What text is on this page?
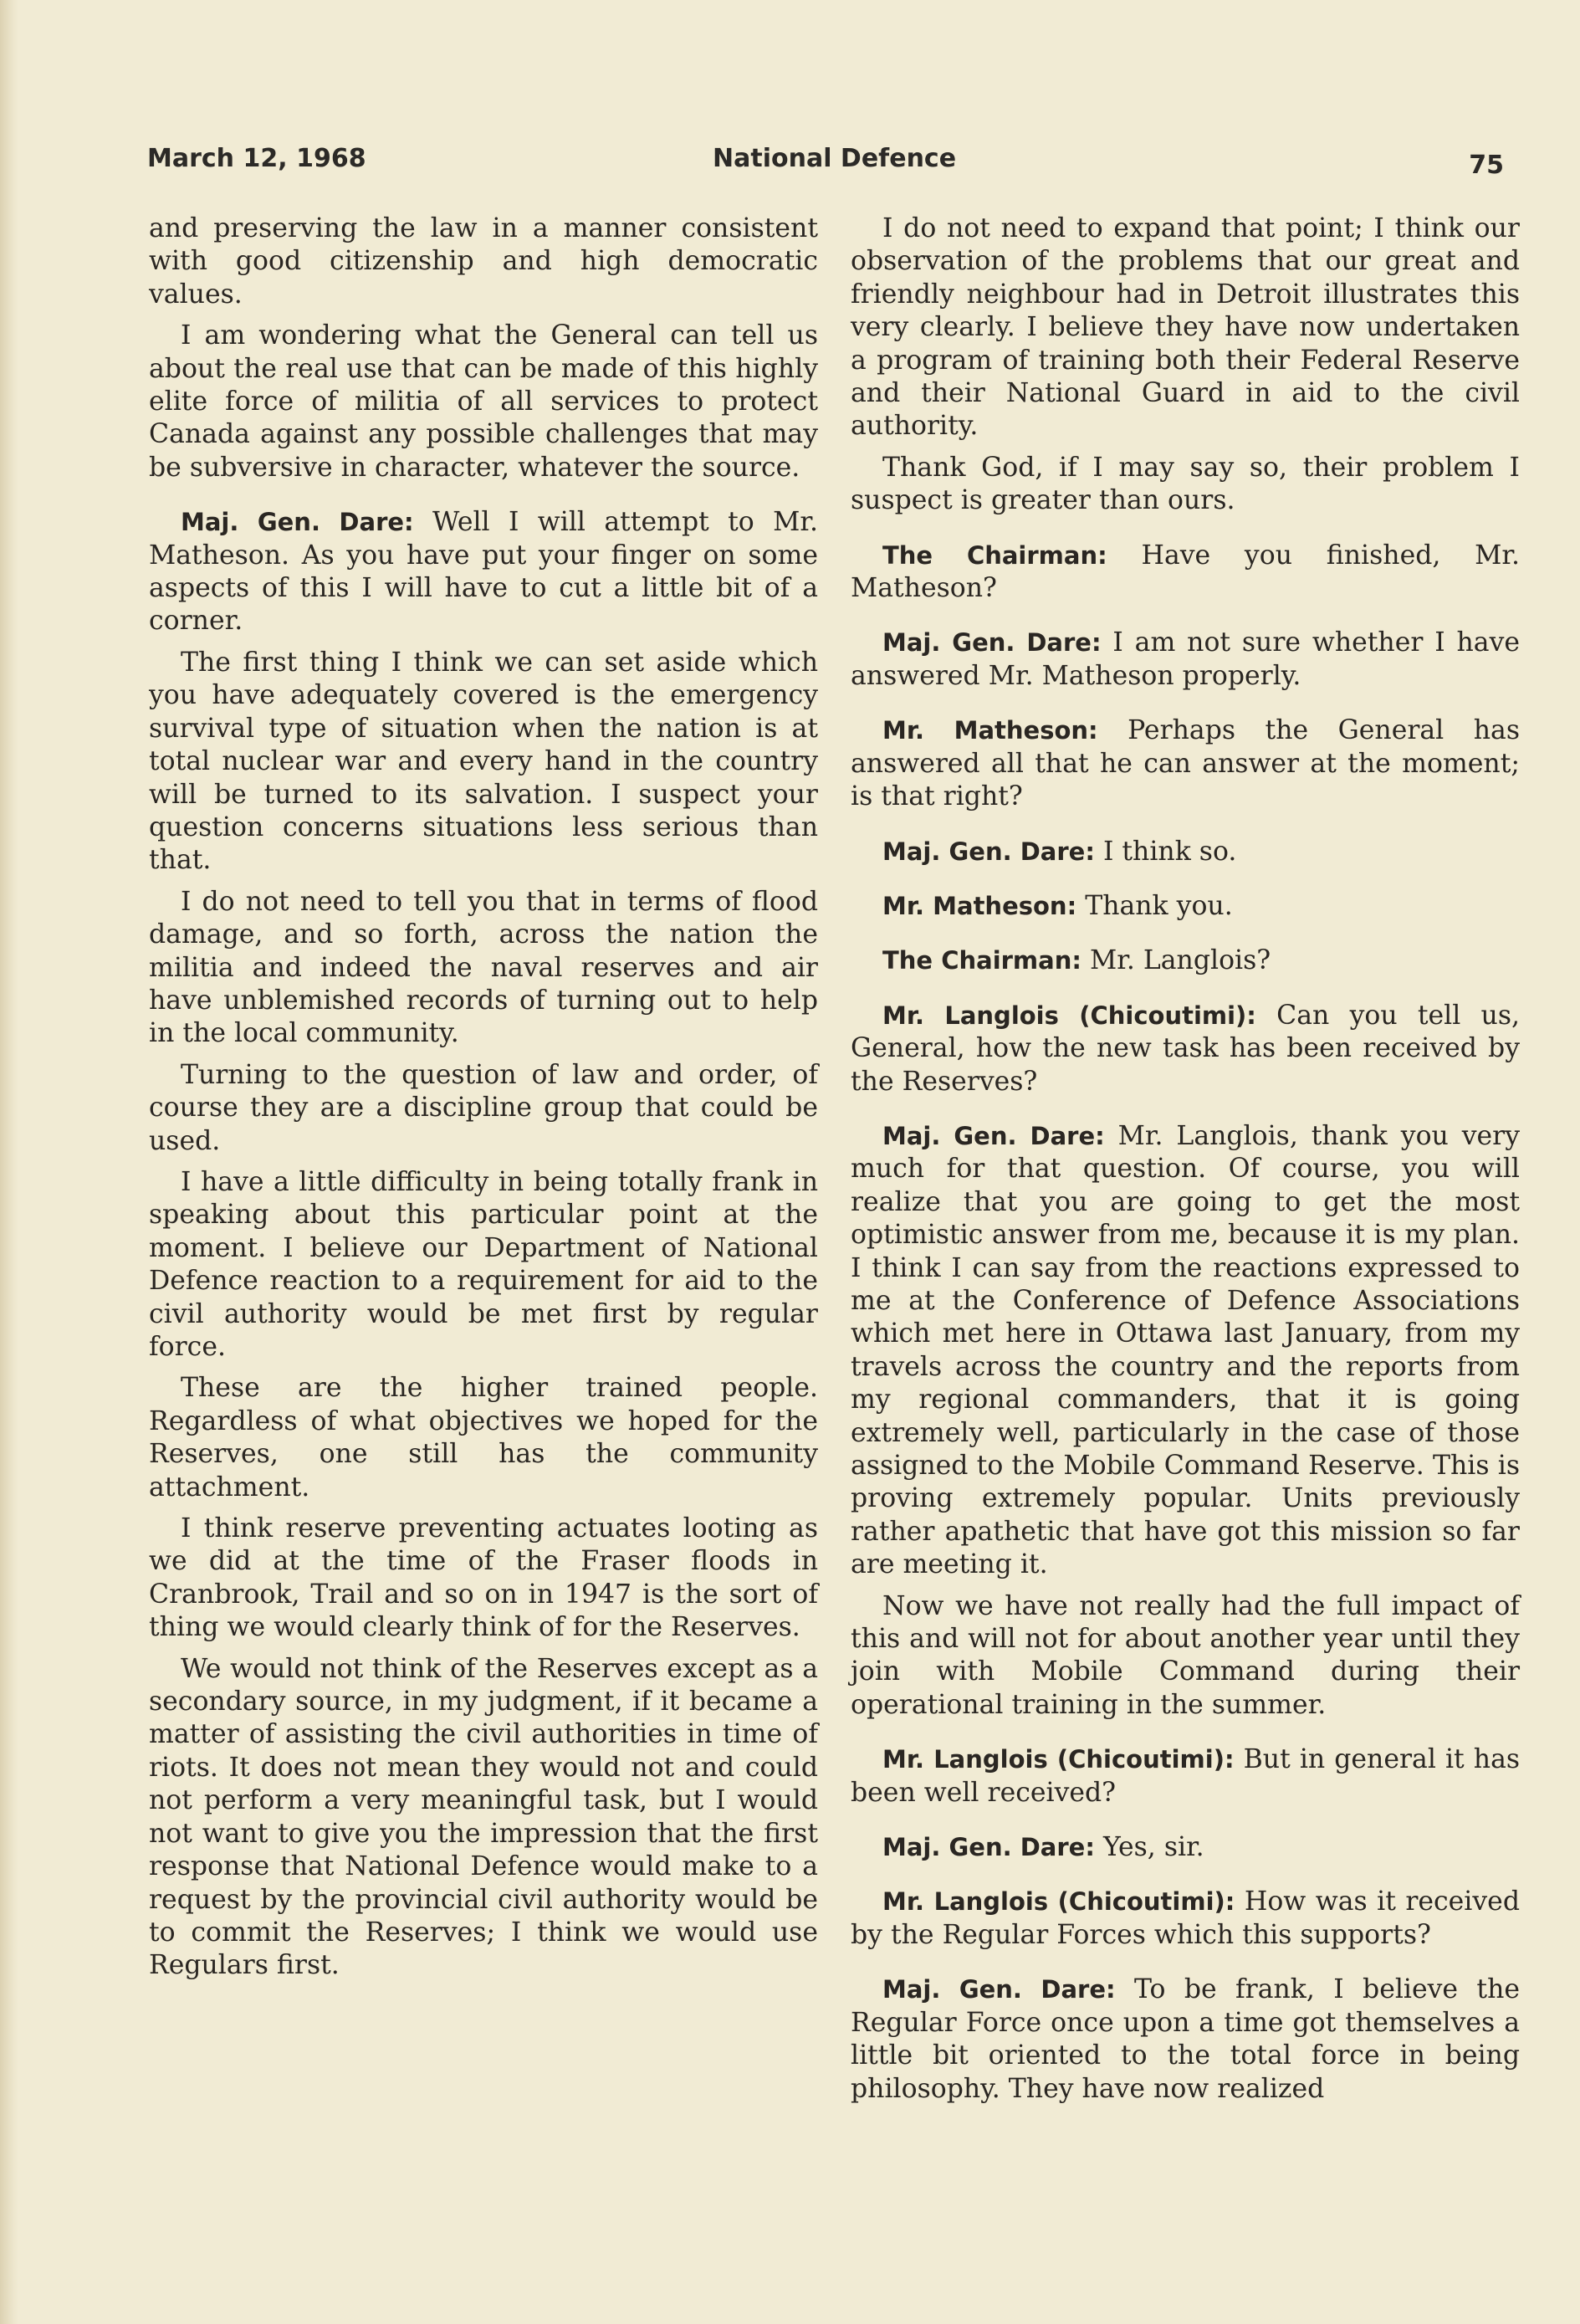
March 12, 1968	National Defence	75

and preserving the law in a manner consistent with good citizenship and high democratic values.

I am wondering what the General can tell us about the real use that can be made of this highly elite force of militia of all services to protect Canada against any possible challenges that may be subversive in character, whatever the source.

Maj. Gen. Dare: Well I will attempt to Mr. Matheson. As you have put your finger on some aspects of this I will have to cut a little bit of a corner.

The first thing I think we can set aside which you have adequately covered is the emergency survival type of situation when the nation is at total nuclear war and every hand in the country will be turned to its salvation. I suspect your question concerns situations less serious than that.

I do not need to tell you that in terms of flood damage, and so forth, across the nation the militia and indeed the naval reserves and air have unblemished records of turning out to help in the local community.

Turning to the question of law and order, of course they are a discipline group that could be used.

I have a little difficulty in being totally frank in speaking about this particular point at the moment. I believe our Department of National Defence reaction to a requirement for aid to the civil authority would be met first by regular force.

These are the higher trained people. Regardless of what objectives we hoped for the Reserves, one still has the community attachment.

I think reserve preventing actuates looting as we did at the time of the Fraser floods in Cranbrook, Trail and so on in 1947 is the sort of thing we would clearly think of for the Reserves.

We would not think of the Reserves except as a secondary source, in my judgment, if it became a matter of assisting the civil authorities in time of riots. It does not mean they would not and could not perform a very meaningful task, but I would not want to give you the impression that the first response that National Defence would make to a request by the provincial civil authority would be to commit the Reserves; I think we would use Regulars first.

I do not need to expand that point; I think our observation of the problems that our great and friendly neighbour had in Detroit illustrates this very clearly. I believe they have now undertaken a program of training both their Federal Reserve and their National Guard in aid to the civil authority.

Thank God, if I may say so, their problem I suspect is greater than ours.

The Chairman: Have you finished, Mr. Matheson?

Maj. Gen. Dare: I am not sure whether I have answered Mr. Matheson properly.

Mr. Matheson: Perhaps the General has answered all that he can answer at the moment; is that right?

Maj. Gen. Dare: I think so.

Mr. Matheson: Thank you.

The Chairman: Mr. Langlois?

Mr. Langlois (Chicoutimi): Can you tell us, General, how the new task has been received by the Reserves?

Maj. Gen. Dare: Mr. Langlois, thank you very much for that question. Of course, you will realize that you are going to get the most optimistic answer from me, because it is my plan. I think I can say from the reactions expressed to me at the Conference of Defence Associations which met here in Ottawa last January, from my travels across the country and the reports from my regional commanders, that it is going extremely well, particularly in the case of those assigned to the Mobile Command Reserve. This is proving extremely popular. Units previously rather apathetic that have got this mission so far are meeting it.

Now we have not really had the full impact of this and will not for about another year until they join with Mobile Command during their operational training in the summer.

Mr. Langlois (Chicoutimi): But in general it has been well received?

Maj. Gen. Dare: Yes, sir.

Mr. Langlois (Chicoutimi): How was it received by the Regular Forces which this supports?

Maj. Gen. Dare: To be frank, I believe the Regular Force once upon a time got themselves a little bit oriented to the total force in being philosophy. They have now realized
